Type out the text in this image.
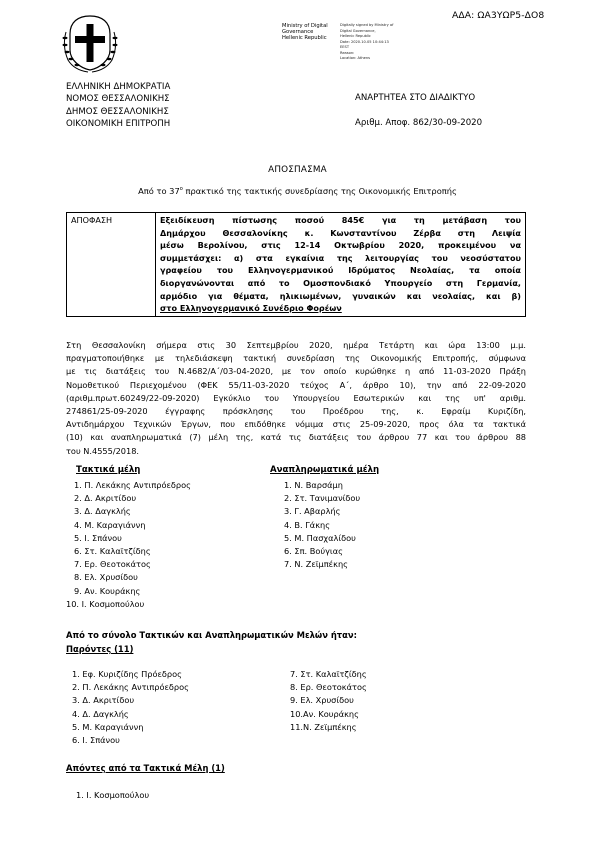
ΑΔΑ: ΩΑ3ΥΩΡ5-ΔΟ8
Ministry of Digital
Governance
Hellenic Republic
Digitally signed by Ministry of
Digital Governance,
Hellenic Republic
Date: 2020.10.05 10:44:13
EEST
Reason:
Location: Athens
ΕΛΛΗΝΙΚΗ ΔΗΜΟΚΡΑΤΙΑ
ΝΟΜΟΣ ΘΕΣΣΑΛΟΝΙΚΗΣ
ΔΗΜΟΣ ΘΕΣΣΑΛΟΝΙΚΗΣ
ΟΙΚΟΝΟΜΙΚΗ ΕΠΙΤΡΟΠΗ
ΑΝΑΡΤΗΤΕΑ ΣΤΟ ΔΙΑΔΙΚΤΥΟ
Αριθμ. Αποφ. 862/30-09-2020
ΑΠΟΣΠΑΣΜΑ
Από το $37^o$ πρακτικό της τακτικής συνεδρίασης της Οικονομικής Επιτροπής
ΑΠΟΦΑΣΗ	Εξειδίκευση πίστωσης ποσού 845€ για τη μετάβαση του
Δημάρχου Θεσσαλονίκης κ. Κωνσταντίνου Ζέρβα στη Λειψία
μέσω Βερολίνου, στις 12-14 Οκτωβρίου 2020, προκειμένου να
συμμετάσχει: α) στα εγκαίνια της λειτουργίας του νεοσύστατου
γραφείου του Ελληνογερμανικού Ιδρύματος Νεολαίας, τα οποία
διοργανώνονται από το Ομοσπονδιακό Υπουργείο στη Γερμανία,
αρμόδιο για θέματα, ηλικιωμένων, γυναικών και νεολαίας, και β)
στο Ελληνογερμανικό Συνέδριο Φορέων
Στη Θεσσαλονίκη σήμερα στις 30 Σεπτεμβρίου 2020, ημέρα Τετάρτη και ώρα 13:00 μ.μ.
πραγματοποιήθηκε με τηλεδιάσκεψη τακτική συνεδρίαση της Οικονομικής Επιτροπής, σύμφωνα
με τις διατάξεις του Ν.4682/Α΄/03-04-2020, με τον οποίο κυρώθηκε η από 11-03-2020 Πράξη
Νομοθετικού Περιεχομένου (ΦΕΚ 55/11-03-2020 τεύχος Α΄, άρθρο 10), την από 22-09-2020
(αριθμ.πρωτ.60249/22-09-2020) Εγκύκλιο του Υπουργείου Εσωτερικών και της υπ' αριθμ.
274861/25-09-2020 έγγραφης πρόσκλησης του Προέδρου της, κ. Εφραίμ Κυριζίδη,
Αντιδημάρχου Τεχνικών Έργων, που επιδόθηκε νόμιμα στις 25-09-2020, προς όλα τα τακτικά
(10) και αναπληρωματικά (7) μέλη της, κατά τις διατάξεις του άρθρου 77 και του άρθρου 88
του Ν.4555/2018.
Τακτικά μέλη
1. Π. Λεκάκης Αντιπρόεδρος
2. Δ. Ακριτίδου
3. Δ. Δαγκλής
4. Μ. Καραγιάννη
5. Ι. Σπάνου
6. Στ. Καλαϊτζίδης
7. Ερ. Θεοτοκάτος
8. Ελ. Χρυσίδου
9. Αν. Κουράκης
10. Ι. Κοσμοπούλου
Αναπληρωματικά μέλη
1. Ν. Βαρσάμη
2. Στ. Τανιμανίδου
3. Γ. Αβαρλής
4. Β. Γάκης
5. Μ. Πασχαλίδου
6. Σπ. Βούγιας
7. Ν. Ζεϊμπέκης
Από το σύνολο Τακτικών και Αναπληρωματικών Μελών ήταν:
Παρόντες (11)
1. Εφ. Κυριζίδης Πρόεδρος
2. Π. Λεκάκης Αντιπρόεδρος
3. Δ. Ακριτίδου
4. Δ. Δαγκλής
5. Μ. Καραγιάννη
6. Ι. Σπάνου
7. Στ. Καλαϊτζίδης
8. Ερ. Θεοτοκάτος
9. Ελ. Χρυσίδου
10.Αν. Κουράκης
11.Ν. Ζεϊμπέκης
Απόντες από τα Τακτικά Μέλη (1)
1. Ι. Κοσμοπούλου
